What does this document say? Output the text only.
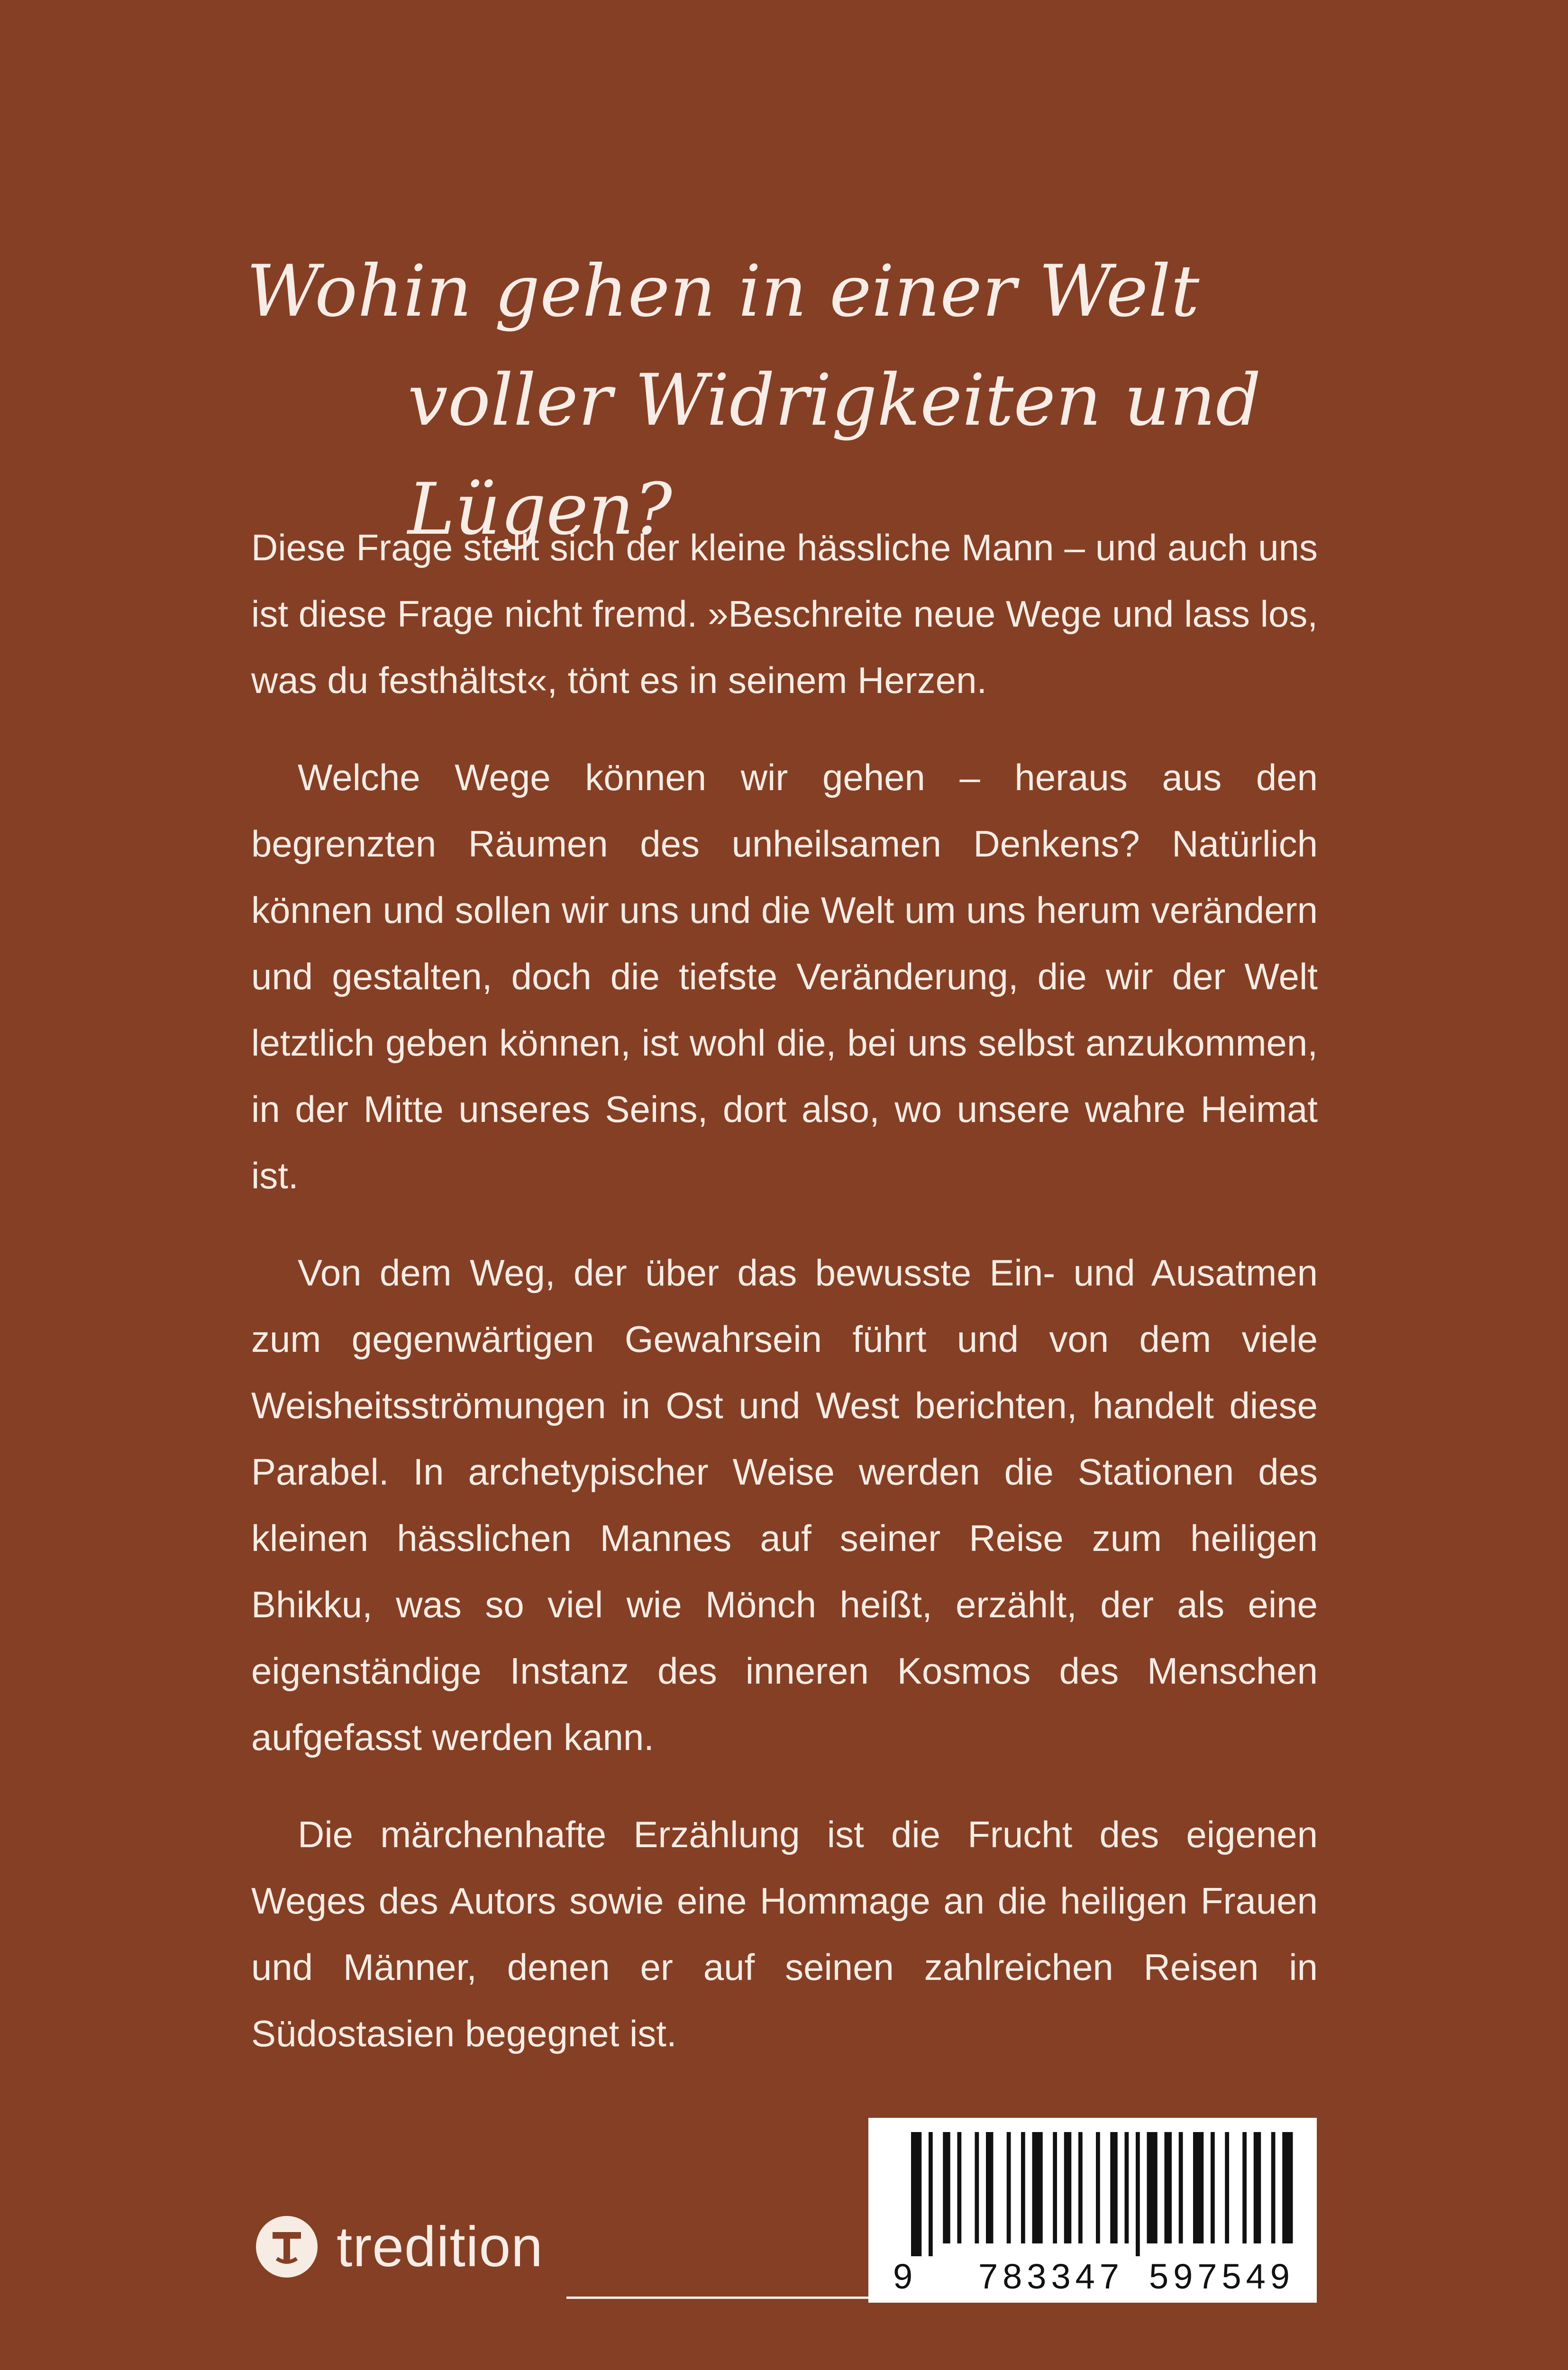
Wohin gehen in einer Welt
voller Widrigkeiten und Lügen?

Diese Frage stellt sich der kleine hässliche Mann – und auch uns ist diese Frage nicht fremd. »Beschreite neue Wege und lass los, was du festhältst«, tönt es in seinem Herzen.

Welche Wege können wir gehen – heraus aus den begrenzten Räumen des unheilsamen Denkens? Natürlich können und sollen wir uns und die Welt um uns herum verändern und gestalten, doch die tiefste Veränderung, die wir der Welt letztlich geben können, ist wohl die, bei uns selbst anzukommen, in der Mitte unseres Seins, dort also, wo unsere wahre Heimat ist.

Von dem Weg, der über das bewusste Ein- und Ausatmen zum gegenwärtigen Gewahrsein führt und von dem viele Weisheitsströmungen in Ost und West berichten, handelt diese Parabel. In archetypischer Weise werden die Stationen des kleinen hässlichen Mannes auf seiner Reise zum heiligen Bhikku, was so viel wie Mönch heißt, erzählt, der als eine eigenständige Instanz des inneren Kosmos des Menschen aufgefasst werden kann.

Die märchenhafte Erzählung ist die Frucht des eigenen Weges des Autors sowie eine Hommage an die heiligen Frauen und Männer, denen er auf seinen zahlreichen Reisen in Südostasien begegnet ist.

tredition	9 783347 597549
